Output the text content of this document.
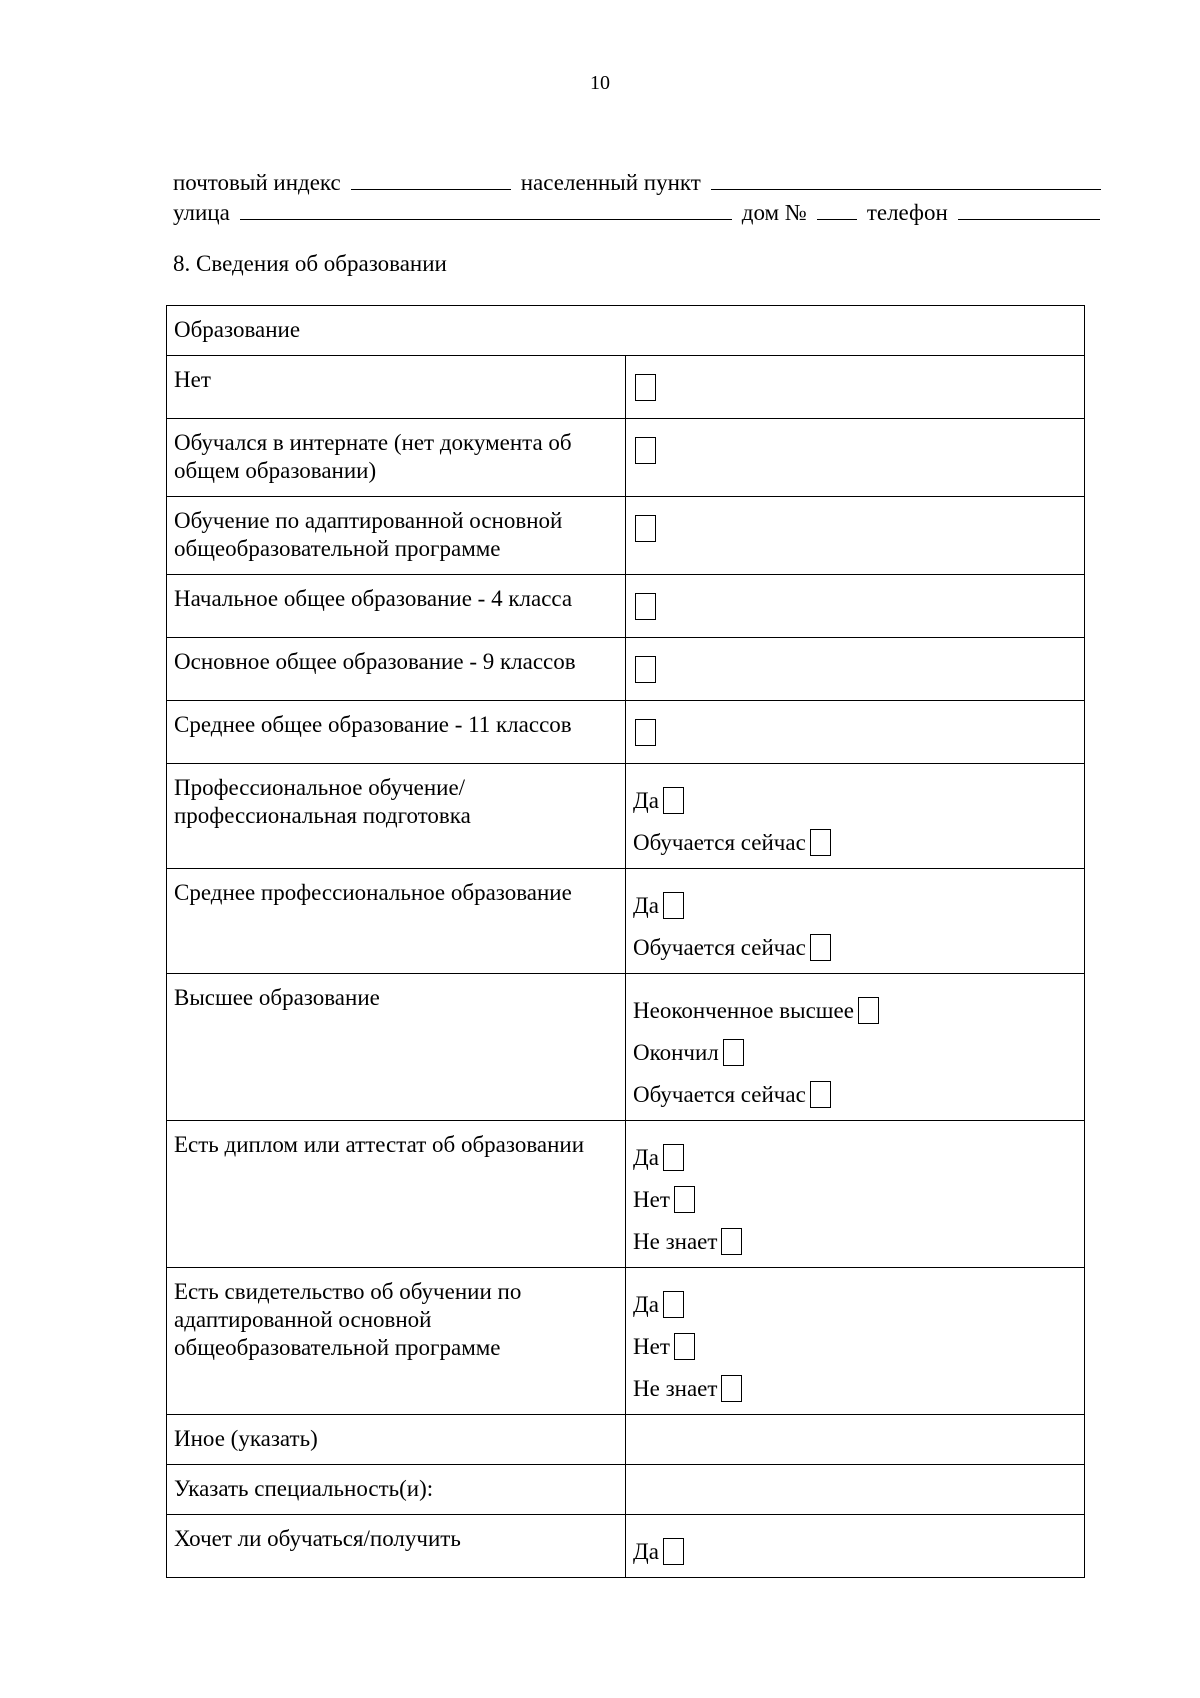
10
почтовый индекс	населенный пункт
улица	дом №	телефон
8. Сведения об образовании
Образование	
Нет	
Обучался в интернате (нет документа об общем образовании)	
Обучение по адаптированной основной общеобразовательной программе	
Начальное общее образование - 4 класса	
Основное общее образование - 9 классов	
Среднее общее образование - 11 классов	
Профессиональное обучение/профессиональная подготовка	Да
Обучается сейчас

Среднее профессиональное образование	Да
Обучается сейчас

Высшее образование	Неоконченное высшее
Окончил
Обучается сейчас

Есть диплом или аттестат об образовании	Да
Нет
Не знает

Есть свидетельство об обучении по адаптированной основной общеобразовательной программе	Да
Нет
Не знает

Иное (указать)	
Указать специальность(и):	
Хочет ли обучаться/получить	Да
